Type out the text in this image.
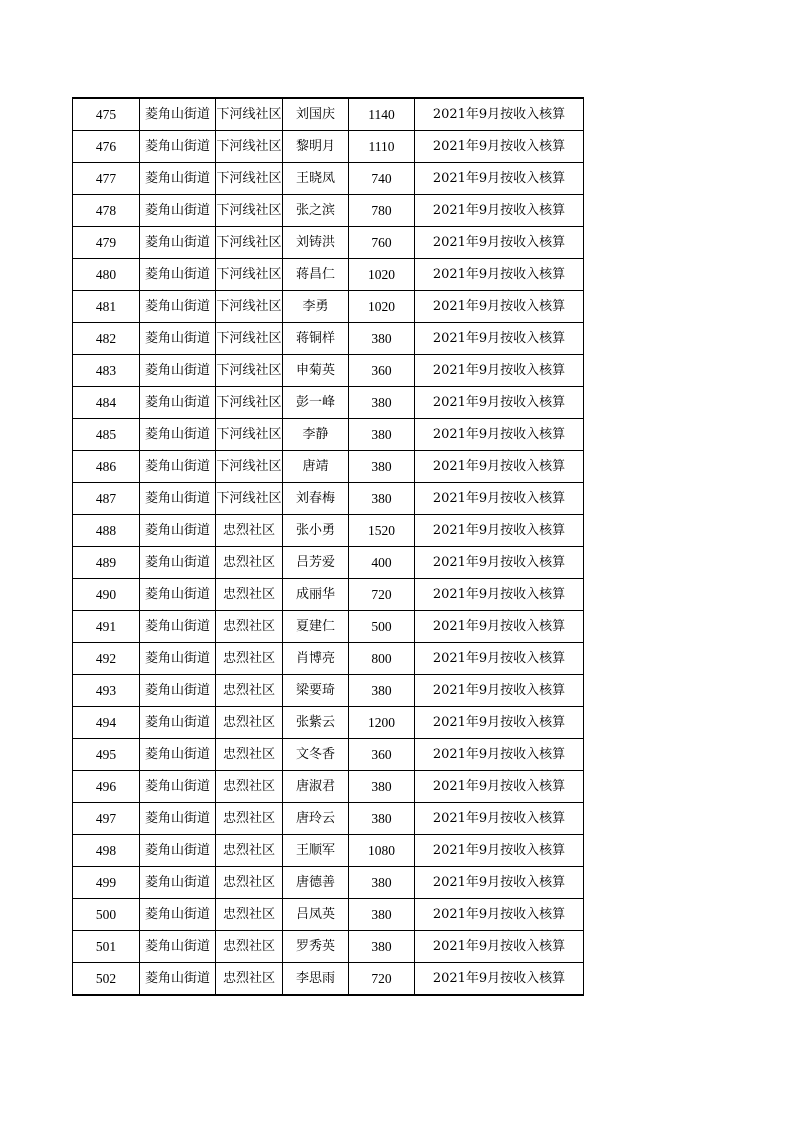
475	菱角山街道	下河线社区	刘国庆	1140	2021年9月按收入核算
476	菱角山街道	下河线社区	黎明月	1110	2021年9月按收入核算
477	菱角山街道	下河线社区	王晓凤	740	2021年9月按收入核算
478	菱角山街道	下河线社区	张之滨	780	2021年9月按收入核算
479	菱角山街道	下河线社区	刘铸洪	760	2021年9月按收入核算
480	菱角山街道	下河线社区	蒋昌仁	1020	2021年9月按收入核算
481	菱角山街道	下河线社区	李勇	1020	2021年9月按收入核算
482	菱角山街道	下河线社区	蒋铜样	380	2021年9月按收入核算
483	菱角山街道	下河线社区	申菊英	360	2021年9月按收入核算
484	菱角山街道	下河线社区	彭一峰	380	2021年9月按收入核算
485	菱角山街道	下河线社区	李静	380	2021年9月按收入核算
486	菱角山街道	下河线社区	唐靖	380	2021年9月按收入核算
487	菱角山街道	下河线社区	刘春梅	380	2021年9月按收入核算
488	菱角山街道	忠烈社区	张小勇	1520	2021年9月按收入核算
489	菱角山街道	忠烈社区	吕芳爱	400	2021年9月按收入核算
490	菱角山街道	忠烈社区	成丽华	720	2021年9月按收入核算
491	菱角山街道	忠烈社区	夏建仁	500	2021年9月按收入核算
492	菱角山街道	忠烈社区	肖博亮	800	2021年9月按收入核算
493	菱角山街道	忠烈社区	梁要琦	380	2021年9月按收入核算
494	菱角山街道	忠烈社区	张紫云	1200	2021年9月按收入核算
495	菱角山街道	忠烈社区	文冬香	360	2021年9月按收入核算
496	菱角山街道	忠烈社区	唐淑君	380	2021年9月按收入核算
497	菱角山街道	忠烈社区	唐玲云	380	2021年9月按收入核算
498	菱角山街道	忠烈社区	王顺军	1080	2021年9月按收入核算
499	菱角山街道	忠烈社区	唐德善	380	2021年9月按收入核算
500	菱角山街道	忠烈社区	吕凤英	380	2021年9月按收入核算
501	菱角山街道	忠烈社区	罗秀英	380	2021年9月按收入核算
502	菱角山街道	忠烈社区	李思雨	720	2021年9月按收入核算
